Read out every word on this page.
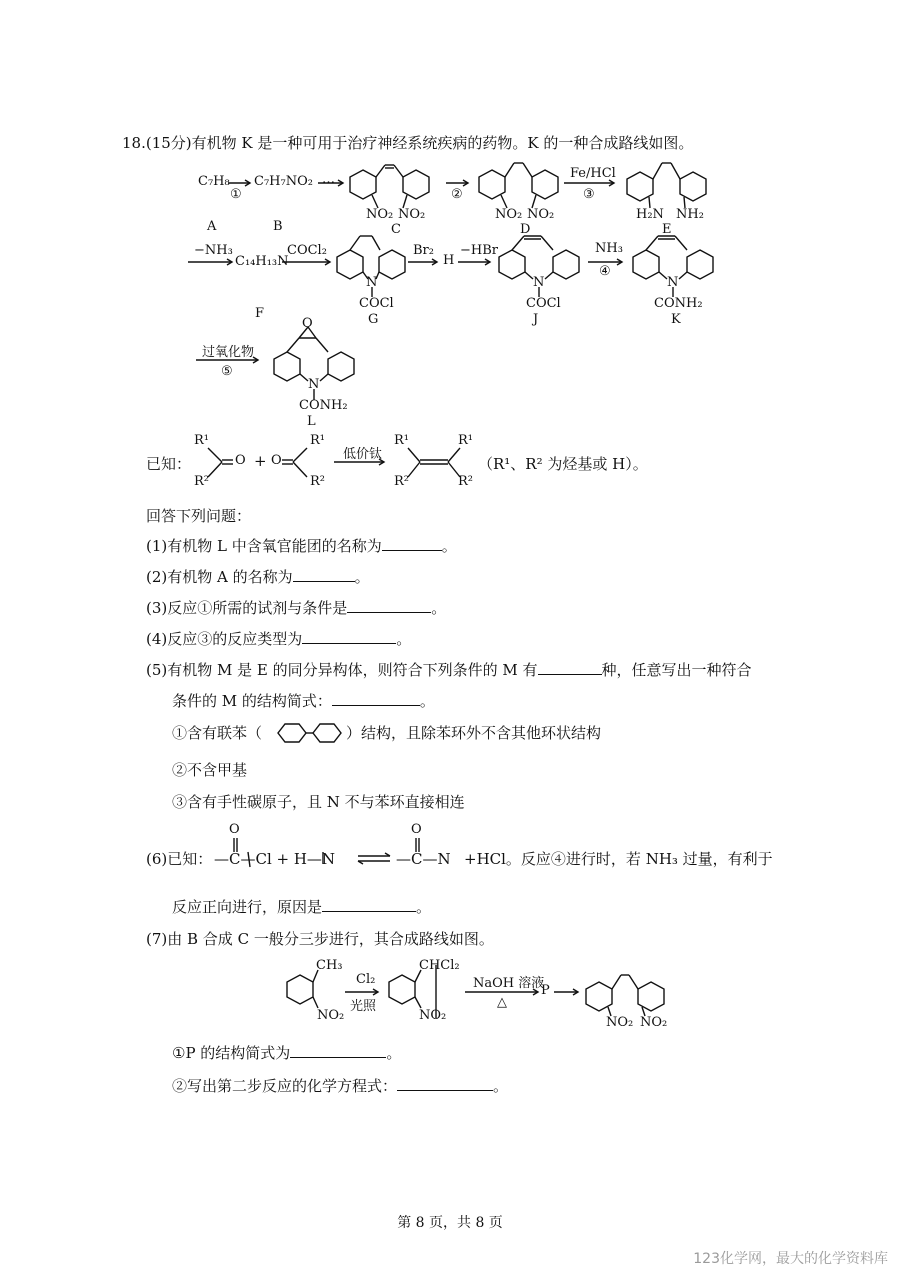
18.(15分)有机物 K 是一种可用于治疗神经系统疾病的药物。K 的一种合成路线如图。
C₇H₈ C₇H₇NO₂
①
…
②
Fe/HCl
③
NO₂ NO₂	NO₂ NO₂	H₂N NH₂
A	B	C	D	E
−NH₃
C₁₄H₁₃N
COCl₂
N
COCl
Br₂
H
−HBr
N
COCl
NH₃
④
N
CONH₂
F	G	J	K
过氧化物
⑤
O
N
CONH₂
L
已知：
R¹
R²
O + O
R¹
R²
低价钛
R¹
R²
R¹
R²
（R¹、R² 为烃基或 H）。
回答下列问题：
(1)有机物 L 中含氧官能团的名称为	。
(2)有机物 A 的名称为	。
(3)反应①所需的试剂与条件是	。
(4)反应③的反应类型为	。
(5)有机物 M 是 E 的同分异构体，则符合下列条件的 M 有	种，任意写出一种符合
条件的 M 的结构简式：	。
①含有联苯（	）结构，且除苯环外不含其他环状结构
②不含甲基
③含有手性碳原子，且 N 不与苯环直接相连
(6)已知：
O
—C—Cl + H—N
O
—C—N +HCl。反应④进行时，若 NH₃ 过量，有利于
反应正向进行，原因是	。
(7)由 B 合成 C 一般分三步进行，其合成路线如图。
CH₃
NO₂
Cl₂
光照
CHCl₂
NO₂
NaOH 溶液
△
P
NO₂ NO₂
①P 的结构简式为	。
②写出第二步反应的化学方程式：	。
第 8 页，共 8 页
123化学网，最大的化学资料库
